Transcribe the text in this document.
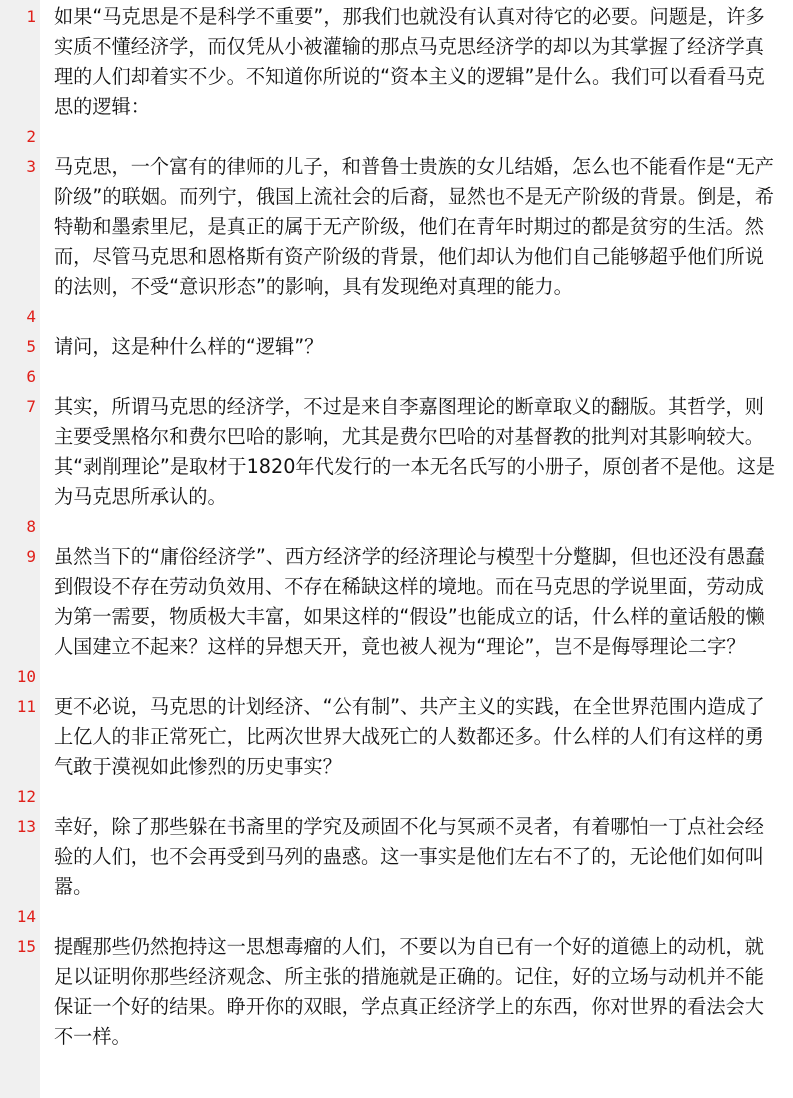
1 如果“马克思是不是科学不重要”，那我们也就没有认真对待它的必要。问题是，许多实质不懂经济学，而仅凭从小被灌输的那点马克思经济学的却以为其掌握了经济学真理的人们却着实不少。不知道你所说的“资本主义的逻辑”是什么。我们可以看看马克思的逻辑：
2
3 马克思，一个富有的律师的儿子，和普鲁士贵族的女儿结婚，怎么也不能看作是“无产阶级”的联姻。而列宁，俄国上流社会的后裔，显然也不是无产阶级的背景。倒是，希特勒和墨索里尼，是真正的属于无产阶级，他们在青年时期过的都是贫穷的生活。然而，尽管马克思和恩格斯有资产阶级的背景，他们却认为他们自己能够超乎他们所说的法则，不受“意识形态”的影响，具有发现绝对真理的能力。
4
5 请问，这是种什么样的“逻辑”？
6
7 其实，所谓马克思的经济学，不过是来自李嘉图理论的断章取义的翻版。其哲学，则主要受黑格尔和费尔巴哈的影响，尤其是费尔巴哈的对基督教的批判对其影响较大。其“剥削理论”是取材于1820年代发行的一本无名氏写的小册子，原创者不是他。这是为马克思所承认的。
8
9 虽然当下的“庸俗经济学”、西方经济学的经济理论与模型十分蹩脚，但也还没有愚蠢到假设不存在劳动负效用、不存在稀缺这样的境地。而在马克思的学说里面，劳动成为第一需要，物质极大丰富，如果这样的“假设”也能成立的话，什么样的童话般的懒人国建立不起来？这样的异想天开，竟也被人视为“理论”，岂不是侮辱理论二字？
10
11 更不必说，马克思的计划经济、“公有制”、共产主义的实践，在全世界范围内造成了上亿人的非正常死亡，比两次世界大战死亡的人数都还多。什么样的人们有这样的勇气敢于漠视如此惨烈的历史事实？
12
13 幸好，除了那些躲在书斋里的学究及顽固不化与冥顽不灵者，有着哪怕一丁点社会经验的人们，也不会再受到马列的蛊惑。这一事实是他们左右不了的，无论他们如何叫嚣。
14
15 提醒那些仍然抱持这一思想毒瘤的人们，不要以为自已有一个好的道德上的动机，就足以证明你那些经济观念、所主张的措施就是正确的。记住，好的立场与动机并不能保证一个好的结果。睁开你的双眼，学点真正经济学上的东西，你对世界的看法会大不一样。
